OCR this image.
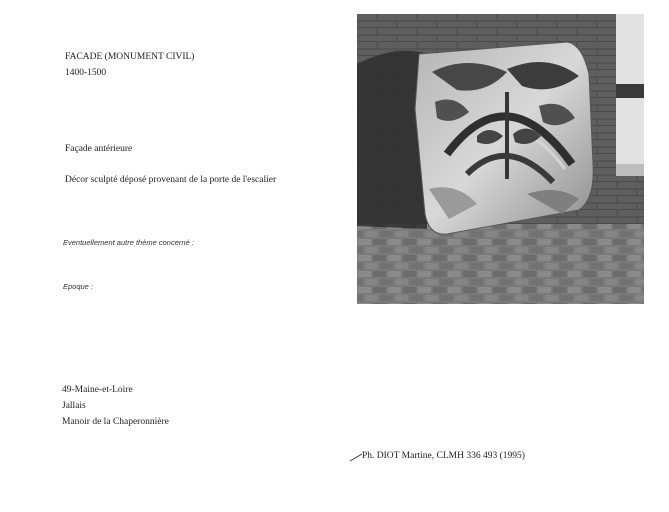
FACADE (MONUMENT CIVIL)
1400-1500
Façade antérieure
Décor sculpté déposé provenant de la porte de l'escalier
Eventuellement autre thème concerné :
Epoque :
49-Maine-et-Loire
Jallais
Manoir de la Chaperonnière
Ph. DIOT Martine, CLMH 336 493 (1995)
